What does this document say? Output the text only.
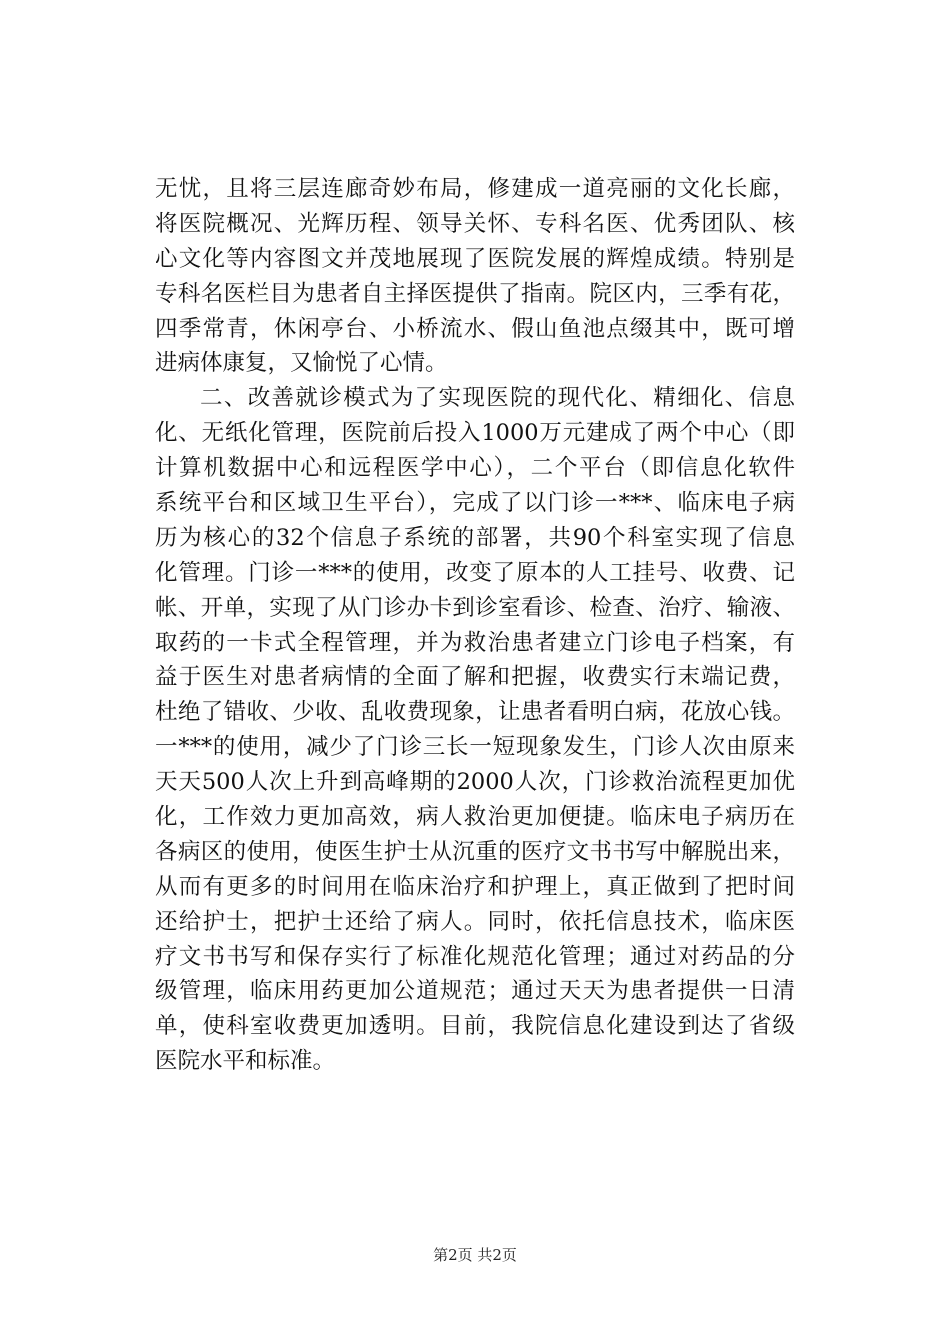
无忧，且将三层连廊奇妙布局，修建成一道亮丽的文化长廊，
将医院概况、光辉历程、领导关怀、专科名医、优秀团队、核
心文化等内容图文并茂地展现了医院发展的辉煌成绩。特别是
专科名医栏目为患者自主择医提供了指南。院区内，三季有花，
四季常青，休闲亭台、小桥流水、假山鱼池点缀其中，既可增
进病体康复，又愉悦了心情。
二、改善就诊模式为了实现医院的现代化、精细化、信息
化、无纸化管理，医院前后投入1000万元建成了两个中心（即
计算机数据中心和远程医学中心），二个平台（即信息化软件
系统平台和区域卫生平台），完成了以门诊一***、临床电子病
历为核心的32个信息子系统的部署，共90个科室实现了信息
化管理。门诊一***的使用，改变了原本的人工挂号、收费、记
帐、开单，实现了从门诊办卡到诊室看诊、检查、治疗、输液、
取药的一卡式全程管理，并为救治患者建立门诊电子档案，有
益于医生对患者病情的全面了解和把握，收费实行末端记费，
杜绝了错收、少收、乱收费现象，让患者看明白病，花放心钱。
一***的使用，减少了门诊三长一短现象发生，门诊人次由原来
天天500人次上升到高峰期的2000人次，门诊救治流程更加优
化，工作效力更加高效，病人救治更加便捷。临床电子病历在
各病区的使用，使医生护士从沉重的医疗文书书写中解脱出来，
从而有更多的时间用在临床治疗和护理上，真正做到了把时间
还给护士，把护士还给了病人。同时，依托信息技术，临床医
疗文书书写和保存实行了标准化规范化管理；通过对药品的分
级管理，临床用药更加公道规范；通过天天为患者提供一日清
单，使科室收费更加透明。目前，我院信息化建设到达了省级
医院水平和标准。
第2页 共2页
